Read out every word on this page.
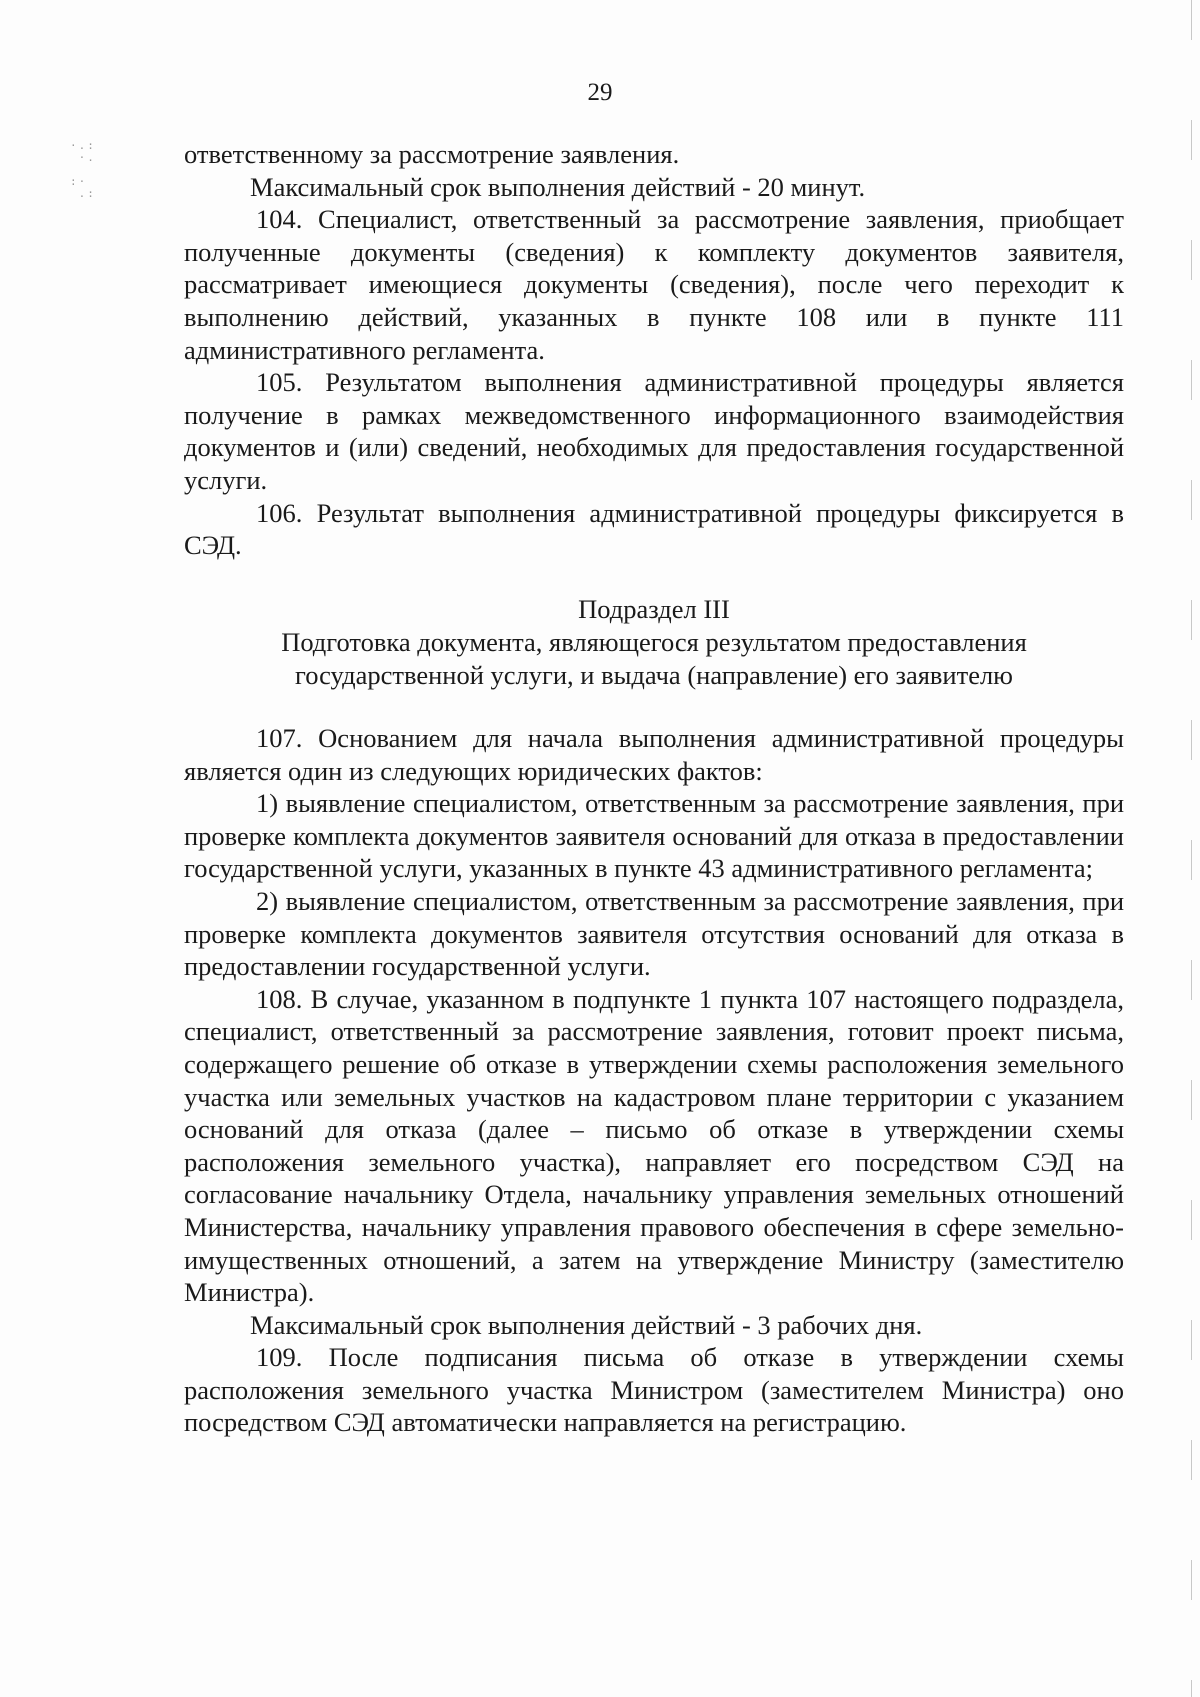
·.:
·.

:·
.:
29

ответственному за рассмотрение заявления.

Максимальный срок выполнения действий - 20 минут.

104. Специалист, ответственный за рассмотрение заявления, приобщает полученные документы (сведения) к комплекту документов заявителя, рассматривает имеющиеся документы (сведения), после чего переходит к выполнению действий, указанных в пункте 108 или в пункте 111 административного регламента.

105. Результатом выполнения административной процедуры является получение в рамках межведомственного информационного взаимодействия документов и (или) сведений, необходимых для предоставления государственной услуги.

106. Результат выполнения административной процедуры фиксируется в СЭД.

Подраздел III
Подготовка документа, являющегося результатом предоставления
государственной услуги, и выдача (направление) его заявителю

107. Основанием для начала выполнения административной процедуры является один из следующих юридических фактов:

1) выявление специалистом, ответственным за рассмотрение заявления, при проверке комплекта документов заявителя оснований для отказа в предоставлении государственной услуги, указанных в пункте 43 административного регламента;

2) выявление специалистом, ответственным за рассмотрение заявления, при проверке комплекта документов заявителя отсутствия оснований для отказа в предоставлении государственной услуги.

108. В случае, указанном в подпункте 1 пункта 107 настоящего подраздела, специалист, ответственный за рассмотрение заявления, готовит проект письма, содержащего решение об отказе в утверждении схемы расположения земельного участка или земельных участков на кадастровом плане территории с указанием оснований для отказа (далее – письмо об отказе в утверждении схемы расположения земельного участка), направляет его посредством СЭД на согласование начальнику Отдела, начальнику управления земельных отношений Министерства, начальнику управления правового обеспечения в сфере земельно-имущественных отношений, а затем на утверждение Министру (заместителю Министра).

Максимальный срок выполнения действий - 3 рабочих дня.

109. После подписания письма об отказе в утверждении схемы расположения земельного участка Министром (заместителем Министра) оно посредством СЭД автоматически направляется на регистрацию.
